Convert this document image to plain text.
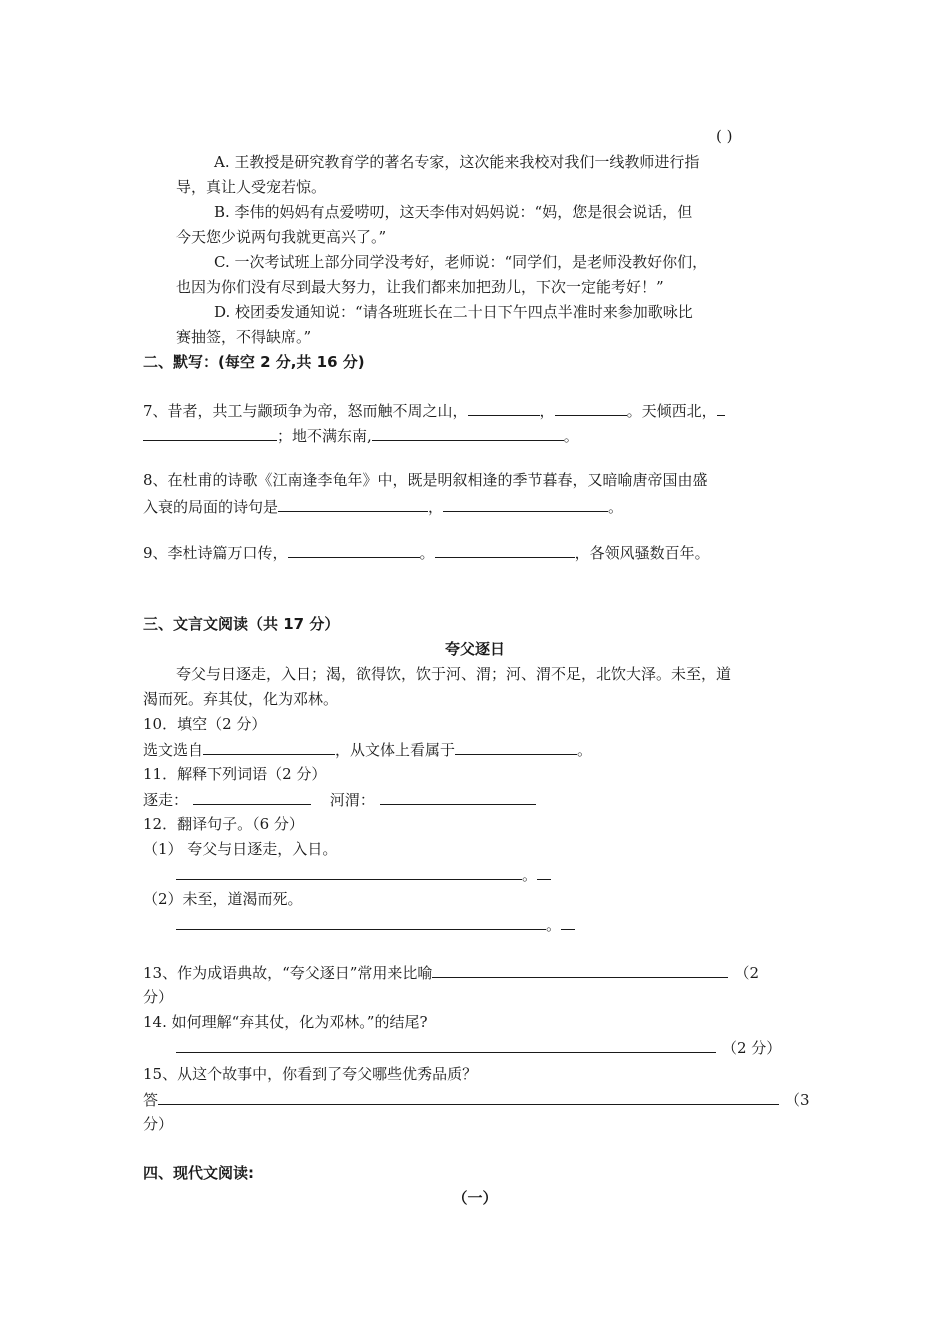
( )
A. 王教授是研究教育学的著名专家，这次能来我校对我们一线教师进行指
导，真让人受宠若惊。
B. 李伟的妈妈有点爱唠叨，这天李伟对妈妈说：“妈，您是很会说话，但
今天您少说两句我就更高兴了。”
C. 一次考试班上部分同学没考好，老师说：“同学们，是老师没教好你们，
也因为你们没有尽到最大努力，让我们都来加把劲儿，下次一定能考好！”
D. 校团委发通知说：“请各班班长在二十日下午四点半准时来参加歌咏比
赛抽签，不得缺席。”
二、默写：(每空 2 分,共 16 分)
7、昔者，共工与颛顼争为帝，怒而触不周之山，	，	。天倾西北，
；地不满东南,	。
8、在杜甫的诗歌《江南逢李龟年》中，既是明叙相逢的季节暮春，又暗喻唐帝国由盛
入衰的局面的诗句是	，	。
9、李杜诗篇万口传，	。	，各领风骚数百年。
三、文言文阅读（共 17 分）
夸父逐日
夸父与日逐走，入日；渴，欲得饮，饮于河、渭；河、渭不足，北饮大泽。未至，道
渴而死。弃其仗，化为邓林。
10．填空（2 分）
选文选自	，从文体上看属于	。
11．解释下列词语（2 分）
逐走：	河渭：
12．翻译句子。（6 分）
（1） 夸父与日逐走，入日。
。
（2）未至，道渴而死。
。
13、作为成语典故，“夸父逐日”常用来比喻	（2
分）
14. 如何理解“弃其仗，化为邓林。”的结尾?
（2 分）
15、从这个故事中，你看到了夸父哪些优秀品质？
答	（3
分）
四、现代文阅读:
（一）
